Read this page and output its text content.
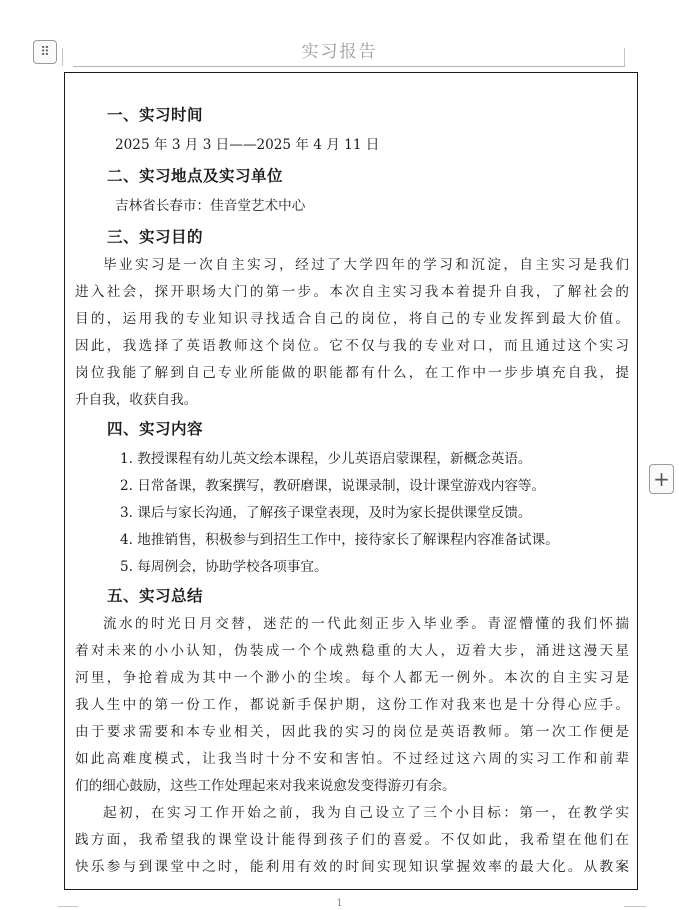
⠿	实习报告
一、实习时间
2025 年 3 月 3 日——2025 年 4 月 11 日
二、实习地点及实习单位
吉林省长春市：佳音堂艺术中心
三、实习目的
毕业实习是一次自主实习，经过了大学四年的学习和沉淀，自主实习是我们
进入社会，探开职场大门的第一步。本次自主实习我本着提升自我，了解社会的
目的，运用我的专业知识寻找适合自己的岗位，将自己的专业发挥到最大价值。
因此，我选择了英语教师这个岗位。它不仅与我的专业对口，而且通过这个实习
岗位我能了解到自己专业所能做的职能都有什么，在工作中一步步填充自我，提
升自我，收获自我。
四、实习内容
1. 教授课程有幼儿英文绘本课程，少儿英语启蒙课程，新概念英语。
2. 日常备课，教案撰写，教研磨课，说课录制，设计课堂游戏内容等。
3. 课后与家长沟通，了解孩子课堂表现，及时为家长提供课堂反馈。
4. 地推销售，积极参与到招生工作中，接待家长了解课程内容准备试课。
5. 每周例会，协助学校各项事宜。
五、实习总结
流水的时光日月交替，迷茫的一代此刻正步入毕业季。青涩懵懂的我们怀揣
着对未来的小小认知，伪装成一个个成熟稳重的大人，迈着大步，涌进这漫天星
河里，争抢着成为其中一个渺小的尘埃。每个人都无一例外。本次的自主实习是
我人生中的第一份工作，都说新手保护期，这份工作对我来也是十分得心应手。
由于要求需要和本专业相关，因此我的实习的岗位是英语教师。第一次工作便是
如此高难度模式，让我当时十分不安和害怕。不过经过这六周的实习工作和前辈
们的细心鼓励，这些工作处理起来对我来说愈发变得游刃有余。
起初，在实习工作开始之前，我为自己设立了三个小目标：第一，在教学实
践方面，我希望我的课堂设计能得到孩子们的喜爱。不仅如此，我希望在他们在
快乐参与到课堂中之时，能利用有效的时间实现知识掌握效率的最大化。从教案
+
1
